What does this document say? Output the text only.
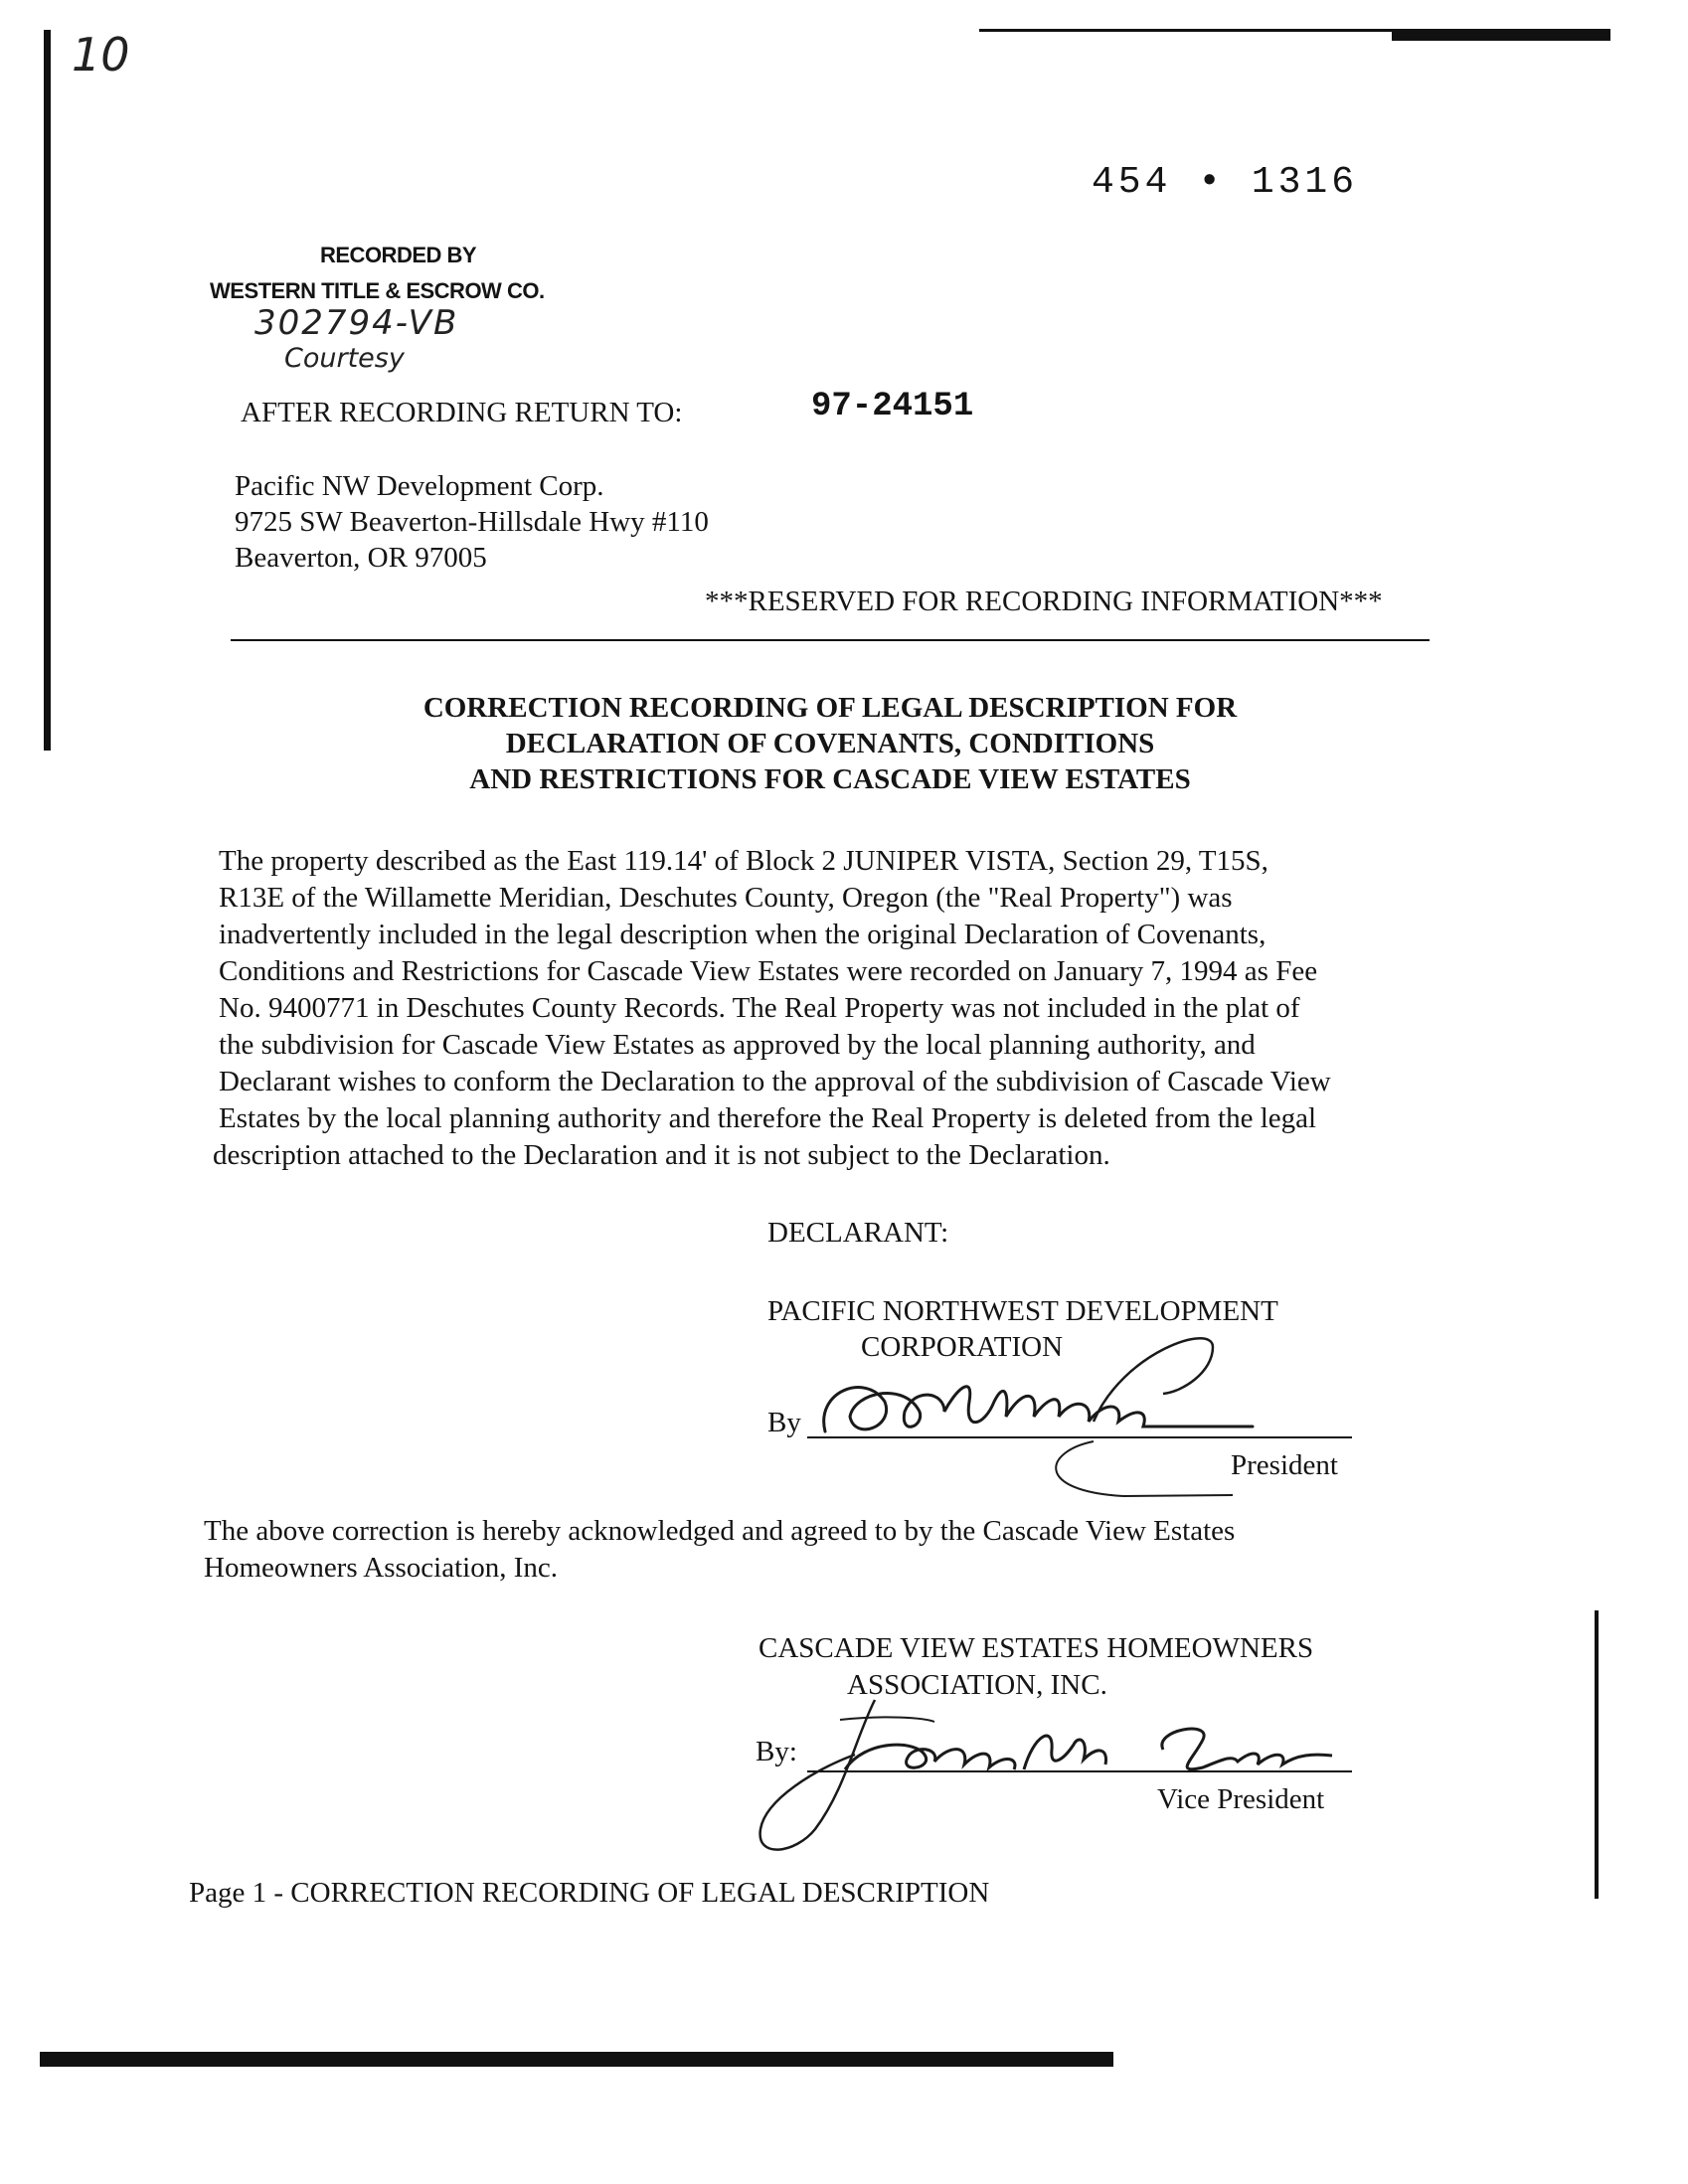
10
454 • 1316
RECORDED BY
WESTERN TITLE & ESCROW CO.
302794-VB
Courtesy
AFTER RECORDING RETURN TO:	97-24151
Pacific NW Development Corp.
9725 SW Beaverton-Hillsdale Hwy #110
Beaverton, OR 97005
***RESERVED FOR RECORDING INFORMATION***
CORRECTION RECORDING OF LEGAL DESCRIPTION FOR
DECLARATION OF COVENANTS, CONDITIONS
AND RESTRICTIONS FOR CASCADE VIEW ESTATES
The property described as the East 119.14' of Block 2 JUNIPER VISTA, Section 29, T15S,
R13E of the Willamette Meridian, Deschutes County, Oregon (the "Real Property") was
inadvertently included in the legal description when the original Declaration of Covenants,
Conditions and Restrictions for Cascade View Estates were recorded on January 7, 1994 as Fee
No. 9400771 in Deschutes County Records. The Real Property was not included in the plat of
the subdivision for Cascade View Estates as approved by the local planning authority, and
Declarant wishes to conform the Declaration to the approval of the subdivision of Cascade View
Estates by the local planning authority and therefore the Real Property is deleted from the legal
description attached to the Declaration and it is not subject to the Declaration.
DECLARANT:
PACIFIC NORTHWEST DEVELOPMENT
CORPORATION
By
President
The above correction is hereby acknowledged and agreed to by the Cascade View Estates
Homeowners Association, Inc.
CASCADE VIEW ESTATES HOMEOWNERS
ASSOCIATION, INC.
By:
Vice President
Page 1 - CORRECTION RECORDING OF LEGAL DESCRIPTION
